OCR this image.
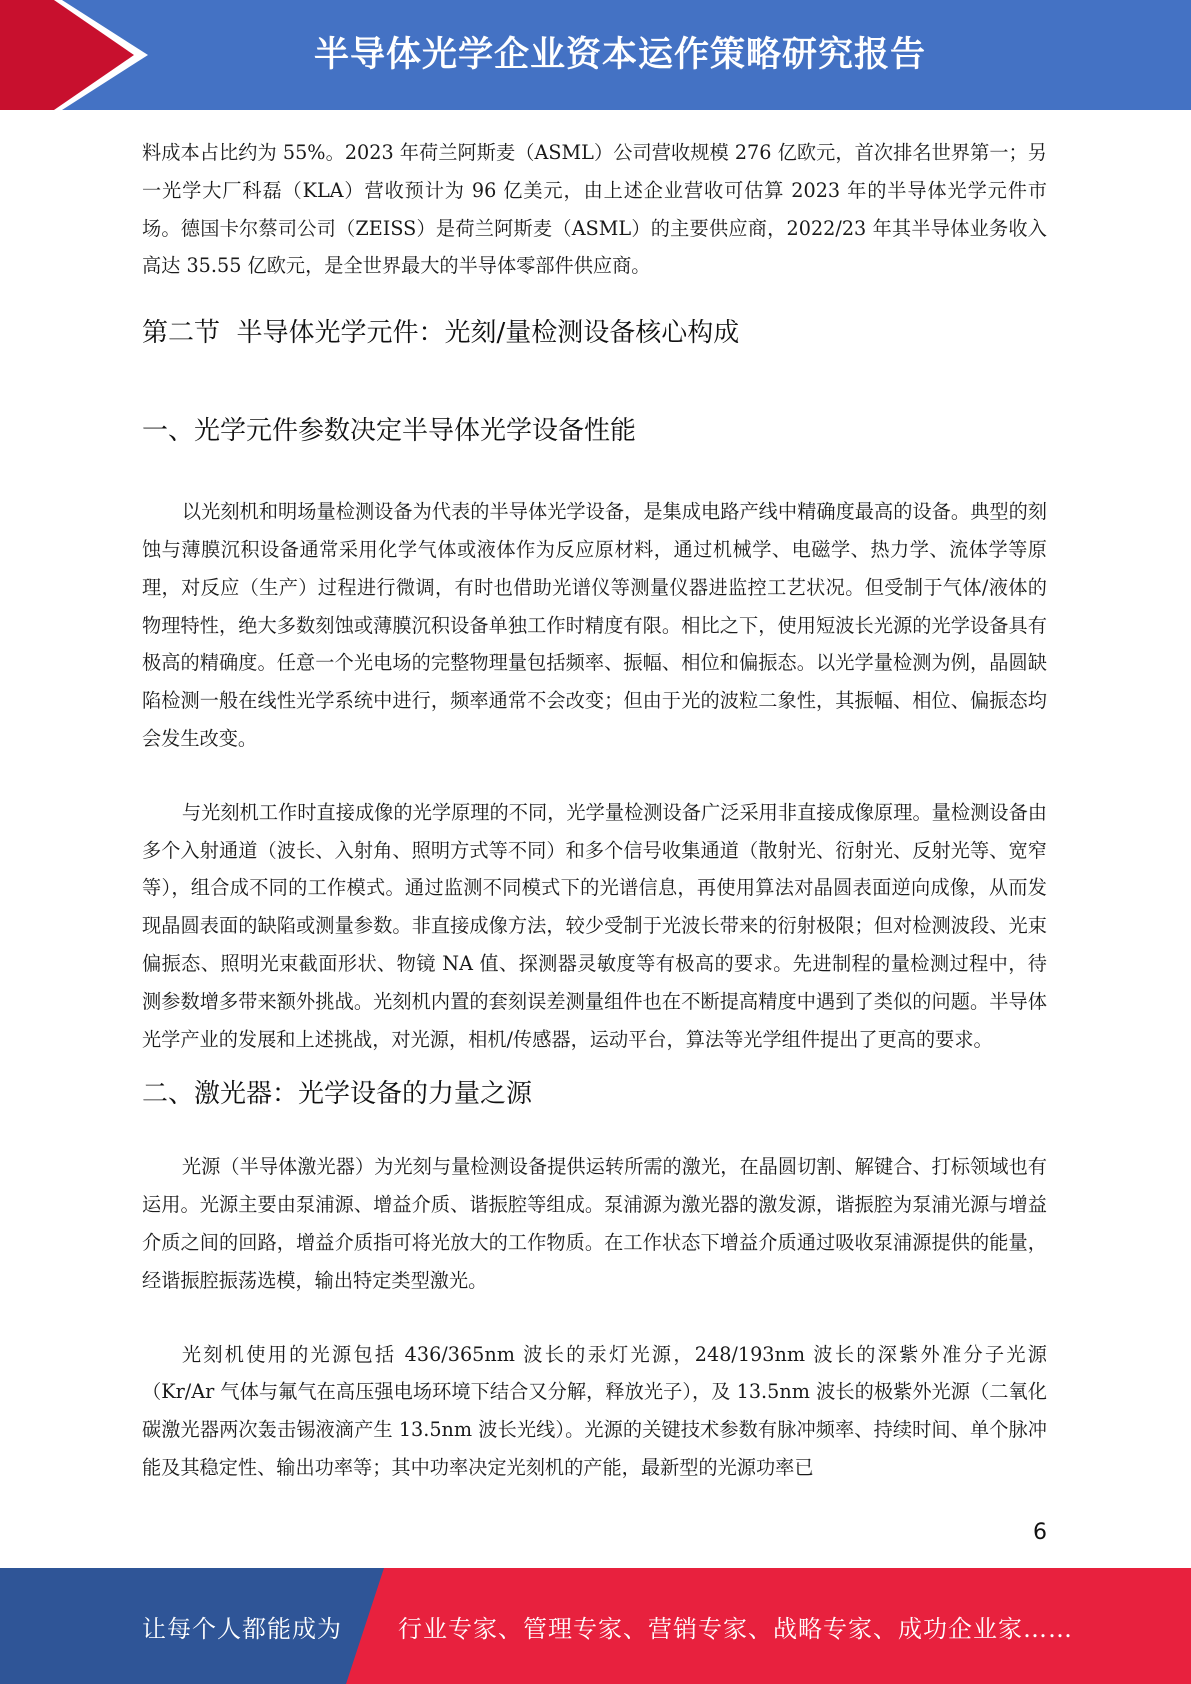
半导体光学企业资本运作策略研究报告

料成本占比约为 55%。2023 年荷兰阿斯麦（ASML）公司营收规模 276 亿欧元，首次排名世界第一；另一光学大厂科磊（KLA）营收预计为 96 亿美元，由上述企业营收可估算 2023 年的半导体光学元件市场。德国卡尔蔡司公司（ZEISS）是荷兰阿斯麦（ASML）的主要供应商，2022/23 年其半导体业务收入高达 35.55 亿欧元，是全世界最大的半导体零部件供应商。

第二节  半导体光学元件：光刻/量检测设备核心构成
一、光学元件参数决定半导体光学设备性能

以光刻机和明场量检测设备为代表的半导体光学设备，是集成电路产线中精确度最高的设备。典型的刻蚀与薄膜沉积设备通常采用化学气体或液体作为反应原材料，通过机械学、电磁学、热力学、流体学等原理，对反应（生产）过程进行微调，有时也借助光谱仪等测量仪器进监控工艺状况。但受制于气体/液体的物理特性，绝大多数刻蚀或薄膜沉积设备单独工作时精度有限。相比之下，使用短波长光源的光学设备具有极高的精确度。任意一个光电场的完整物理量包括频率、振幅、相位和偏振态。以光学量检测为例，晶圆缺陷检测一般在线性光学系统中进行，频率通常不会改变；但由于光的波粒二象性，其振幅、相位、偏振态均会发生改变。

与光刻机工作时直接成像的光学原理的不同，光学量检测设备广泛采用非直接成像原理。量检测设备由多个入射通道（波长、入射角、照明方式等不同）和多个信号收集通道（散射光、衍射光、反射光等、宽窄等），组合成不同的工作模式。通过监测不同模式下的光谱信息，再使用算法对晶圆表面逆向成像，从而发现晶圆表面的缺陷或测量参数。非直接成像方法，较少受制于光波长带来的衍射极限；但对检测波段、光束偏振态、照明光束截面形状、物镜 NA 值、探测器灵敏度等有极高的要求。先进制程的量检测过程中，待测参数增多带来额外挑战。光刻机内置的套刻误差测量组件也在不断提高精度中遇到了类似的问题。半导体光学产业的发展和上述挑战，对光源，相机/传感器，运动平台，算法等光学组件提出了更高的要求。

二、激光器：光学设备的力量之源

光源（半导体激光器）为光刻与量检测设备提供运转所需的激光，在晶圆切割、解键合、打标领域也有运用。光源主要由泵浦源、增益介质、谐振腔等组成。泵浦源为激光器的激发源，谐振腔为泵浦光源与增益介质之间的回路，增益介质指可将光放大的工作物质。在工作状态下增益介质通过吸收泵浦源提供的能量，经谐振腔振荡选模，输出特定类型激光。

光刻机使用的光源包括 436/365nm 波长的汞灯光源，248/193nm 波长的深紫外准分子光源（Kr/Ar 气体与氟气在高压强电场环境下结合又分解，释放光子），及 13.5nm 波长的极紫外光源（二氧化碳激光器两次轰击锡液滴产生 13.5nm 波长光线）。光源的关键技术参数有脉冲频率、持续时间、单个脉冲能及其稳定性、输出功率等；其中功率决定光刻机的产能，最新型的光源功率已

6
让每个人都能成为 行业专家、管理专家、营销专家、战略专家、成功企业家……
